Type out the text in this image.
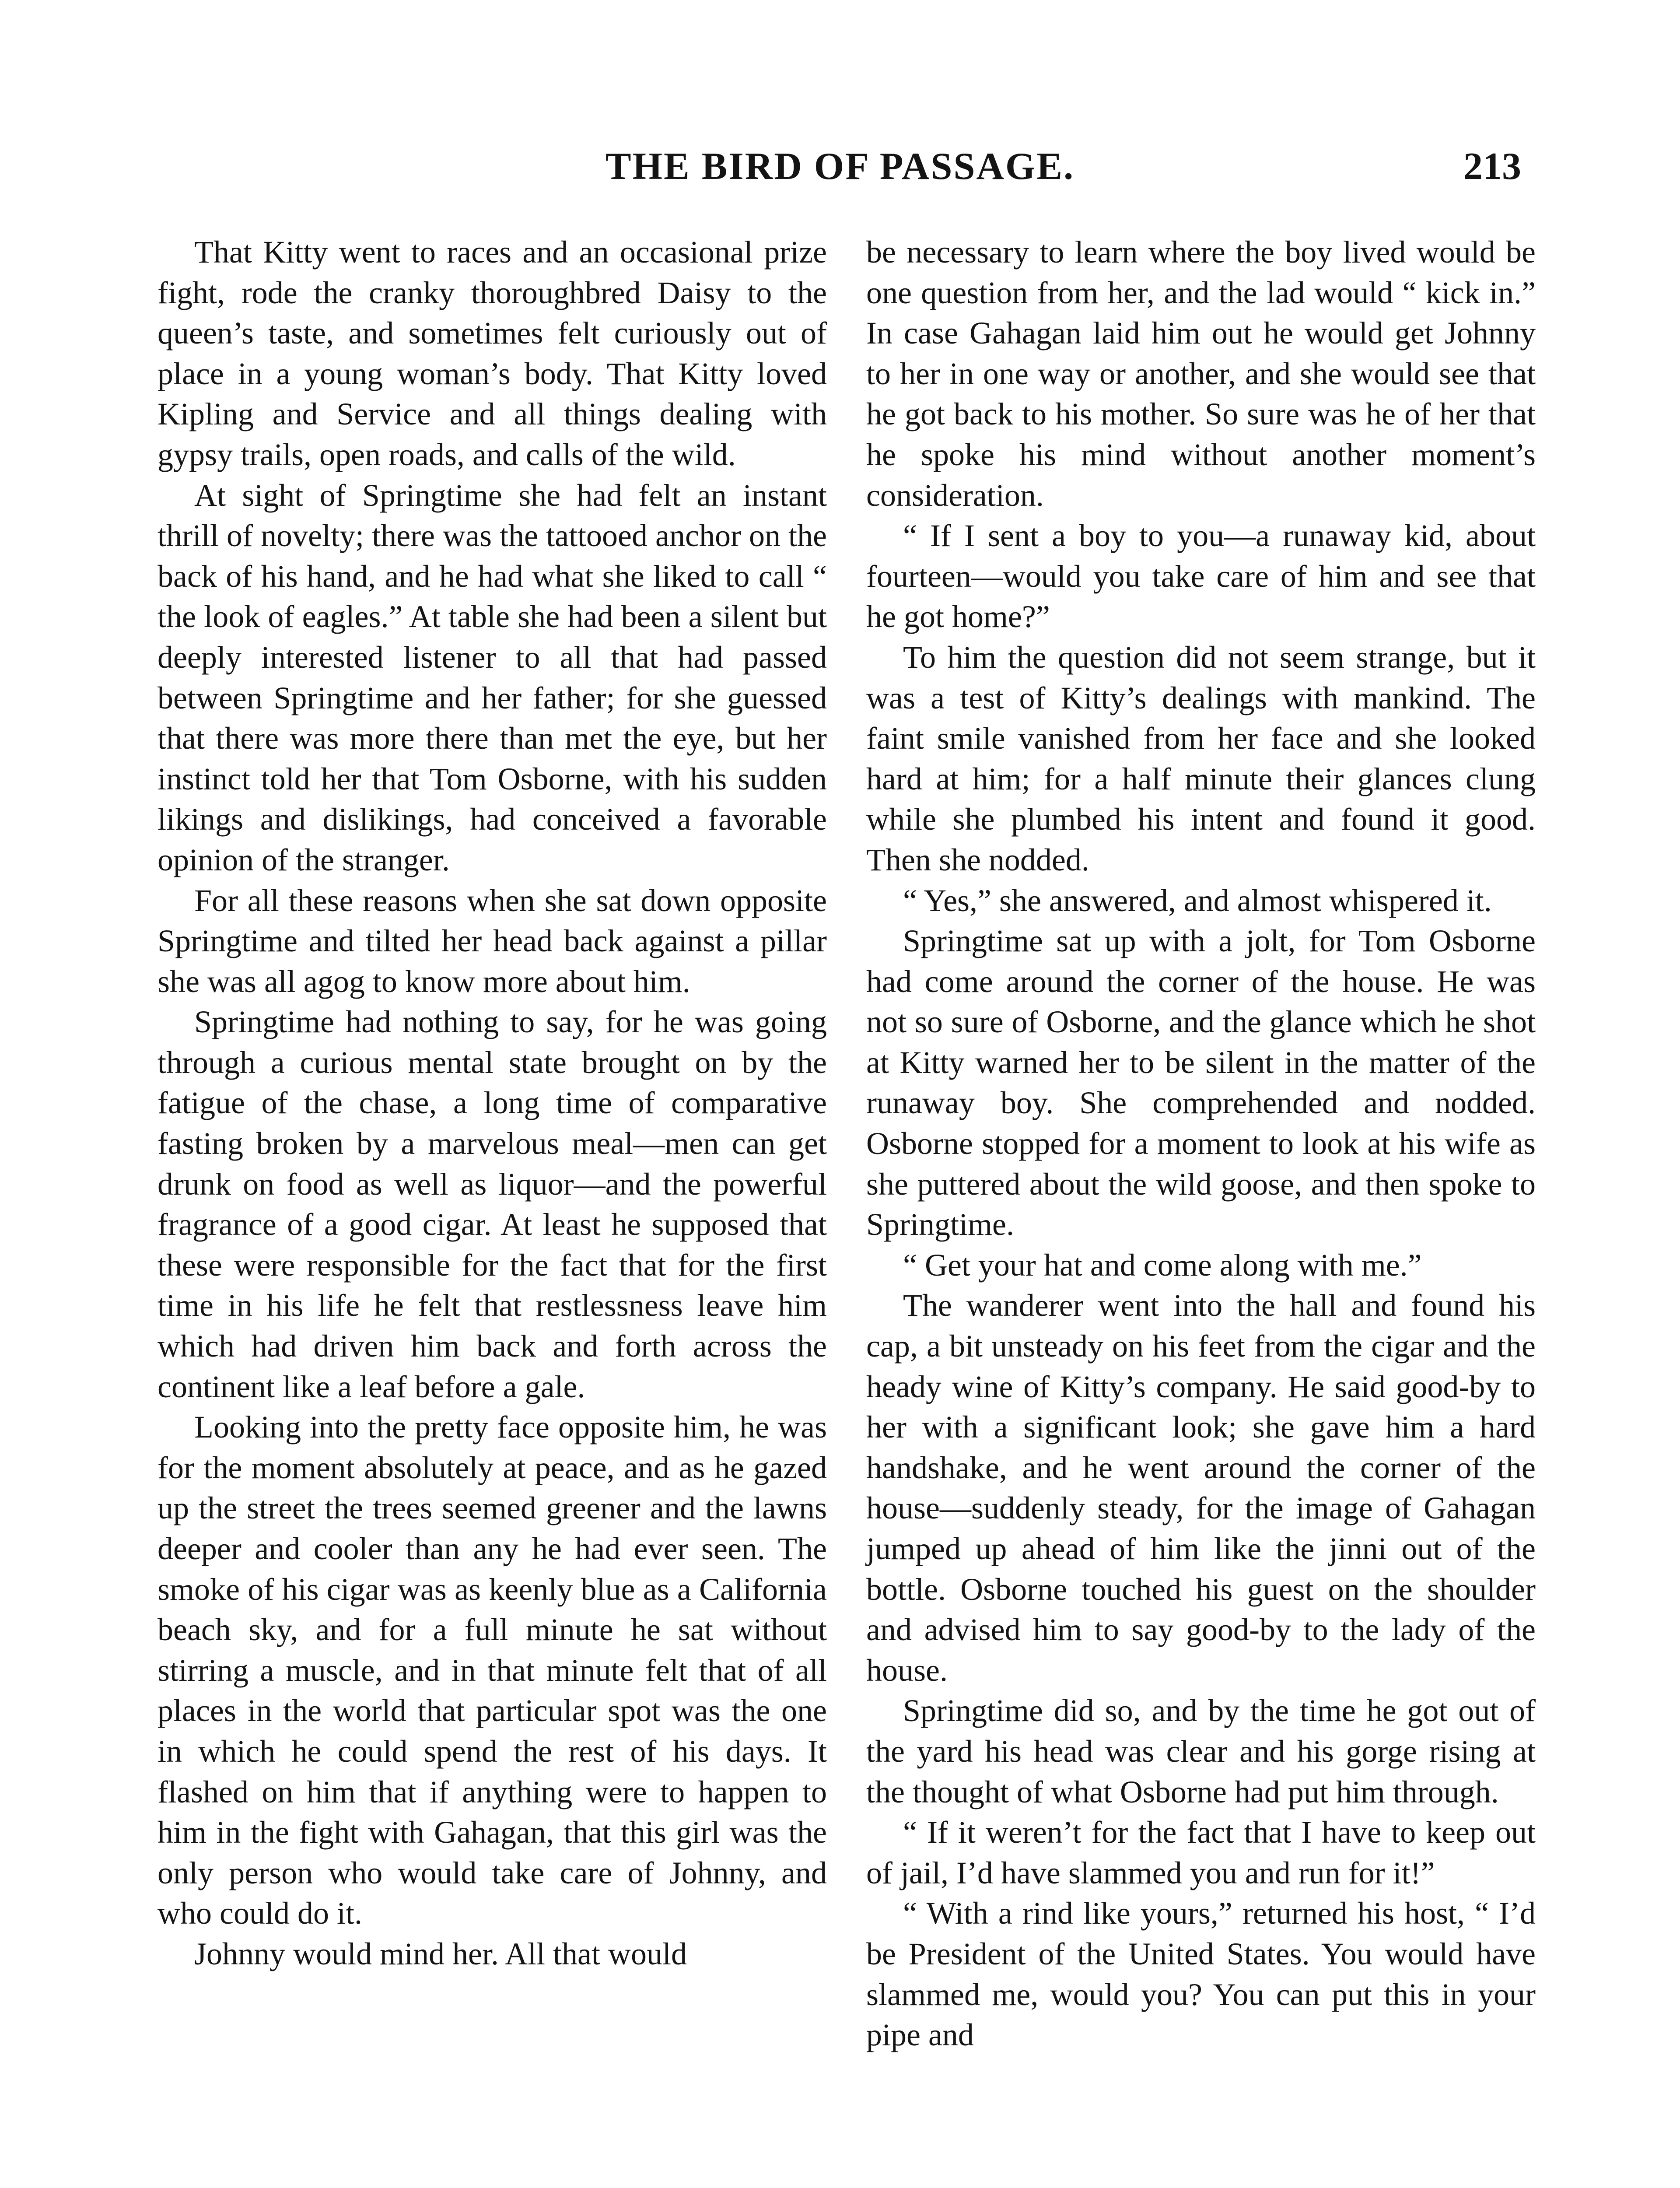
THE BIRD OF PASSAGE.	213

That Kitty went to races and an occasional prize fight, rode the cranky thoroughbred Daisy to the queen’s taste, and sometimes felt curiously out of place in a young woman’s body. That Kitty loved Kipling and Service and all things dealing with gypsy trails, open roads, and calls of the wild.

At sight of Springtime she had felt an instant thrill of novelty; there was the tattooed anchor on the back of his hand, and he had what she liked to call “ the look of eagles.” At table she had been a silent but deeply interested listener to all that had passed between Springtime and her father; for she guessed that there was more there than met the eye, but her instinct told her that Tom Osborne, with his sudden likings and dislikings, had conceived a favorable opinion of the stranger.

For all these reasons when she sat down opposite Springtime and tilted her head back against a pillar she was all agog to know more about him.

Springtime had nothing to say, for he was going through a curious mental state brought on by the fatigue of the chase, a long time of comparative fasting broken by a marvelous meal—men can get drunk on food as well as liquor—and the powerful fragrance of a good cigar. At least he supposed that these were responsible for the fact that for the first time in his life he felt that restlessness leave him which had driven him back and forth across the continent like a leaf before a gale.

Looking into the pretty face opposite him, he was for the moment absolutely at peace, and as he gazed up the street the trees seemed greener and the lawns deeper and cooler than any he had ever seen. The smoke of his cigar was as keenly blue as a California beach sky, and for a full minute he sat without stirring a muscle, and in that minute felt that of all places in the world that particular spot was the one in which he could spend the rest of his days. It flashed on him that if anything were to happen to him in the fight with Gahagan, that this girl was the only person who would take care of Johnny, and who could do it.

Johnny would mind her. All that would

be necessary to learn where the boy lived would be one question from her, and the lad would “ kick in.” In case Gahagan laid him out he would get Johnny to her in one way or another, and she would see that he got back to his mother. So sure was he of her that he spoke his mind without another moment’s consideration.

“ If I sent a boy to you—a runaway kid, about fourteen—would you take care of him and see that he got home?”

To him the question did not seem strange, but it was a test of Kitty’s dealings with mankind. The faint smile vanished from her face and she looked hard at him; for a half minute their glances clung while she plumbed his intent and found it good. Then she nodded.

“ Yes,” she answered, and almost whispered it.

Springtime sat up with a jolt, for Tom Osborne had come around the corner of the house. He was not so sure of Osborne, and the glance which he shot at Kitty warned her to be silent in the matter of the runaway boy. She comprehended and nodded. Osborne stopped for a moment to look at his wife as she puttered about the wild goose, and then spoke to Springtime.

“ Get your hat and come along with me.”

The wanderer went into the hall and found his cap, a bit unsteady on his feet from the cigar and the heady wine of Kitty’s company. He said good-by to her with a significant look; she gave him a hard handshake, and he went around the corner of the house—suddenly steady, for the image of Gahagan jumped up ahead of him like the jinni out of the bottle. Osborne touched his guest on the shoulder and advised him to say good-by to the lady of the house.

Springtime did so, and by the time he got out of the yard his head was clear and his gorge rising at the thought of what Osborne had put him through.

“ If it weren’t for the fact that I have to keep out of jail, I’d have slammed you and run for it!”

“ With a rind like yours,” returned his host, “ I’d be President of the United States. You would have slammed me, would you? You can put this in your pipe and
